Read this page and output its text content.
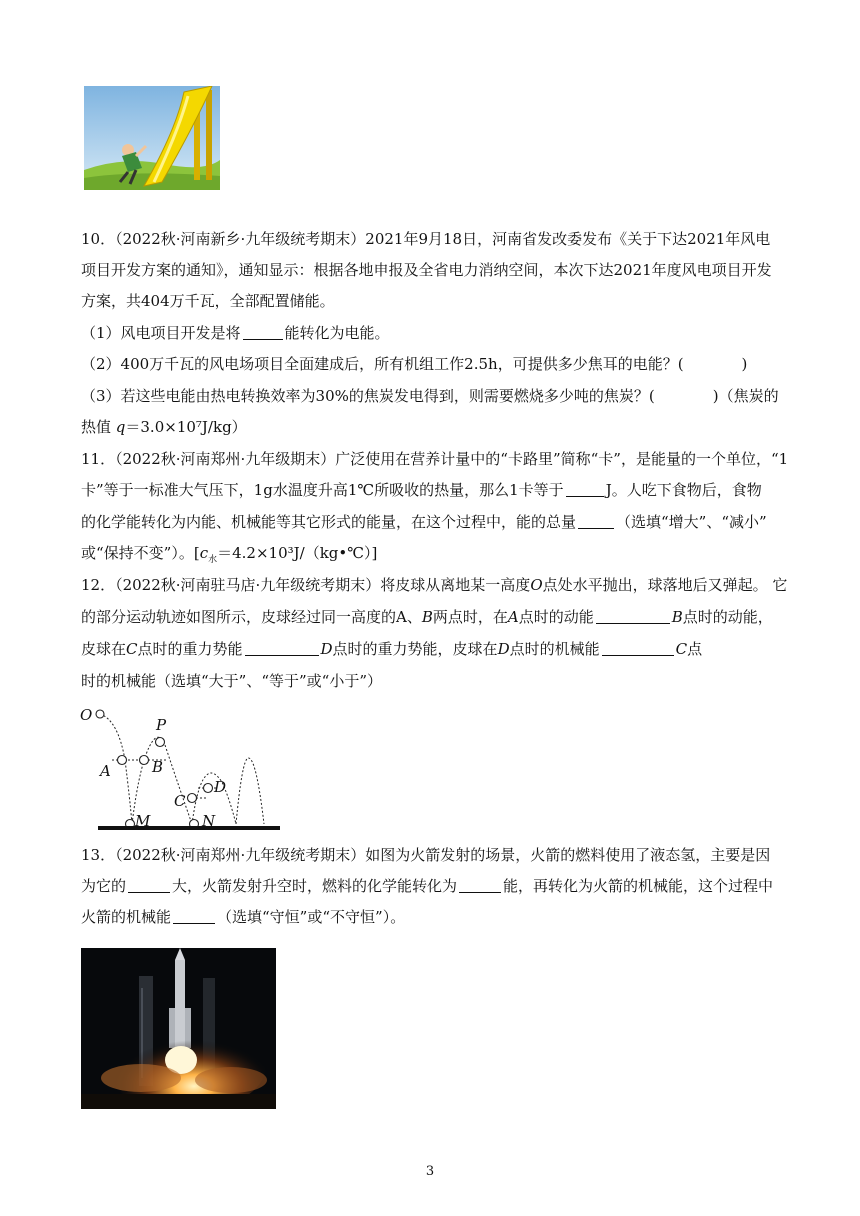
10．（2022秋·河南新乡·九年级统考期末）2021年9月18日，河南省发改委发布《关于下达2021年风电
项目开发方案的通知》，通知显示：根据各地申报及全省电力消纳空间，本次下达2021年度风电项目开发
方案，共404万千瓦，全部配置储能。
（1）风电项目开发是将	能转化为电能。
（2）400万千瓦的风电场项目全面建成后，所有机组工作2.5h，可提供多少焦耳的电能？(	)
（3）若这些电能由热电转换效率为30%的焦炭发电得到，则需要燃烧多少吨的焦炭？(	)（焦炭的
热值 q＝3.0×10⁷J/kg）
11．（2022秋·河南郑州·九年级期末）广泛使用在营养计量中的“卡路里”简称“卡”，是能量的一个单位，“1
卡”等于一标准大气压下，1g水温度升高1℃所吸收的热量，那么1卡等于	J。人吃下食物后，食物
的化学能转化为内能、机械能等其它形式的能量，在这个过程中，能的总量	（选填“增大”、“减小”
或“保持不变”）。$[c_水=4.2\times 10^3J/(kg•℃)]$
12．（2022秋·河南驻马店·九年级统考期末）将皮球从离地某一高度O点处水平抛出，球落地后又弹起。 它
的部分运动轨迹如图所示，皮球经过同一高度的A、B两点时，在A点时的动能	B点时的动能，
皮球在C点时的重力势能	D点时的重力势能，皮球在D点时的机械能	C点
时的机械能（选填“大于”、“等于”或“小于”）
O
P
A	B
C
D
M	N
13．（2022秋·河南郑州·九年级统考期末）如图为火箭发射的场景，火箭的燃料使用了液态氢，主要是因
为它的	大，火箭发射升空时，燃料的化学能转化为	能，再转化为火箭的机械能，这个过程中
火箭的机械能	（选填“守恒”或“不守恒”）。
3
